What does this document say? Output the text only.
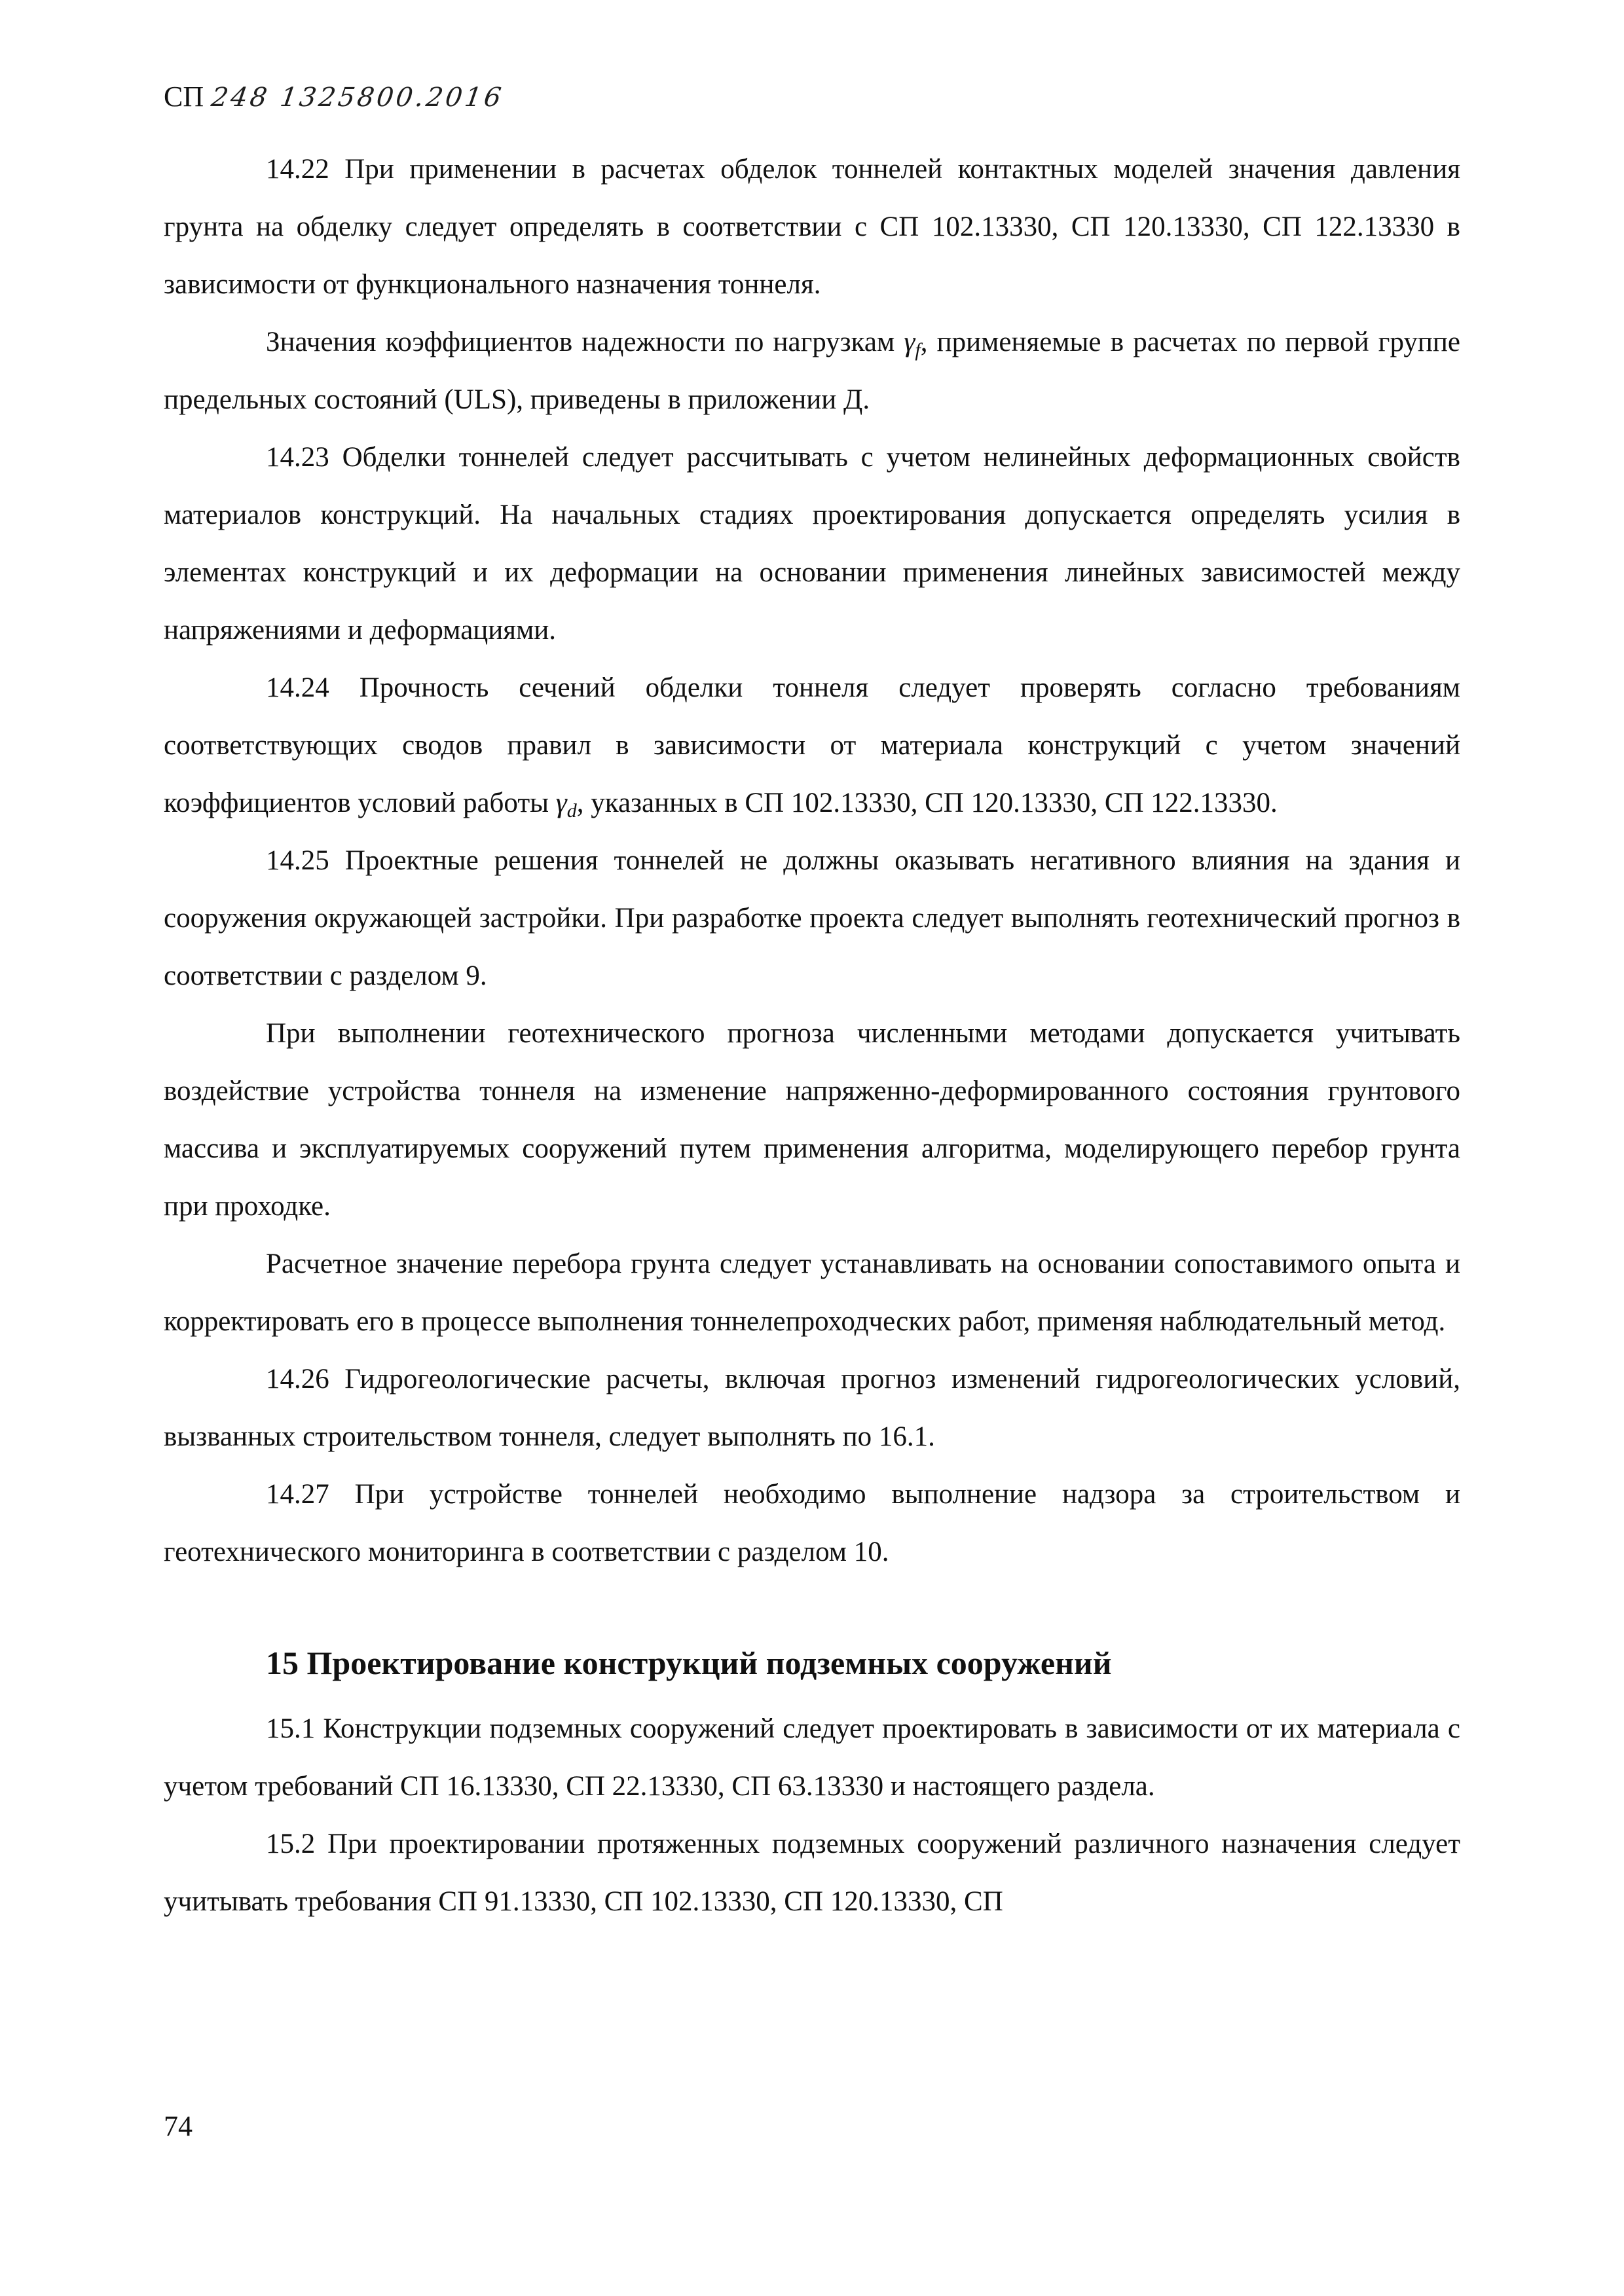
СП 248 1325800.2016

14.22 При применении в расчетах обделок тоннелей контактных моделей значения давления грунта на обделку следует определять в соответствии с СП 102.13330, СП 120.13330, СП 122.13330 в зависимости от функционального назначения тоннеля.

Значения коэффициентов надежности по нагрузкам $\gamma_f$, применяемые в расчетах по первой группе предельных состояний (ULS), приведены в приложении Д.

14.23 Обделки тоннелей следует рассчитывать с учетом нелинейных деформационных свойств материалов конструкций. На начальных стадиях проектирования допускается определять усилия в элементах конструкций и их деформации на основании применения линейных зависимостей между напряжениями и деформациями.

14.24 Прочность сечений обделки тоннеля следует проверять согласно требованиям соответствующих сводов правил в зависимости от материала конструкций с учетом значений коэффициентов условий работы $\gamma_d$, указанных в СП 102.13330, СП 120.13330, СП 122.13330.

14.25 Проектные решения тоннелей не должны оказывать негативного влияния на здания и сооружения окружающей застройки. При разработке проекта следует выполнять геотехнический прогноз в соответствии с разделом 9.

При выполнении геотехнического прогноза численными методами допускается учитывать воздействие устройства тоннеля на изменение напряженно-деформированного состояния грунтового массива и эксплуатируемых сооружений путем применения алгоритма, моделирующего перебор грунта при проходке.

Расчетное значение перебора грунта следует устанавливать на основании сопоставимого опыта и корректировать его в процессе выполнения тоннелепроходческих работ, применяя наблюдательный метод.

14.26 Гидрогеологические расчеты, включая прогноз изменений гидрогеологических условий, вызванных строительством тоннеля, следует выполнять по 16.1.

14.27 При устройстве тоннелей необходимо выполнение надзора за строительством и геотехнического мониторинга в соответствии с разделом 10.

15 Проектирование конструкций подземных сооружений

15.1 Конструкции подземных сооружений следует проектировать в зависимости от их материала с учетом требований СП 16.13330, СП 22.13330, СП 63.13330 и настоящего раздела.

15.2 При проектировании протяженных подземных сооружений различного назначения следует учитывать требования СП 91.13330, СП 102.13330, СП 120.13330, СП

74
